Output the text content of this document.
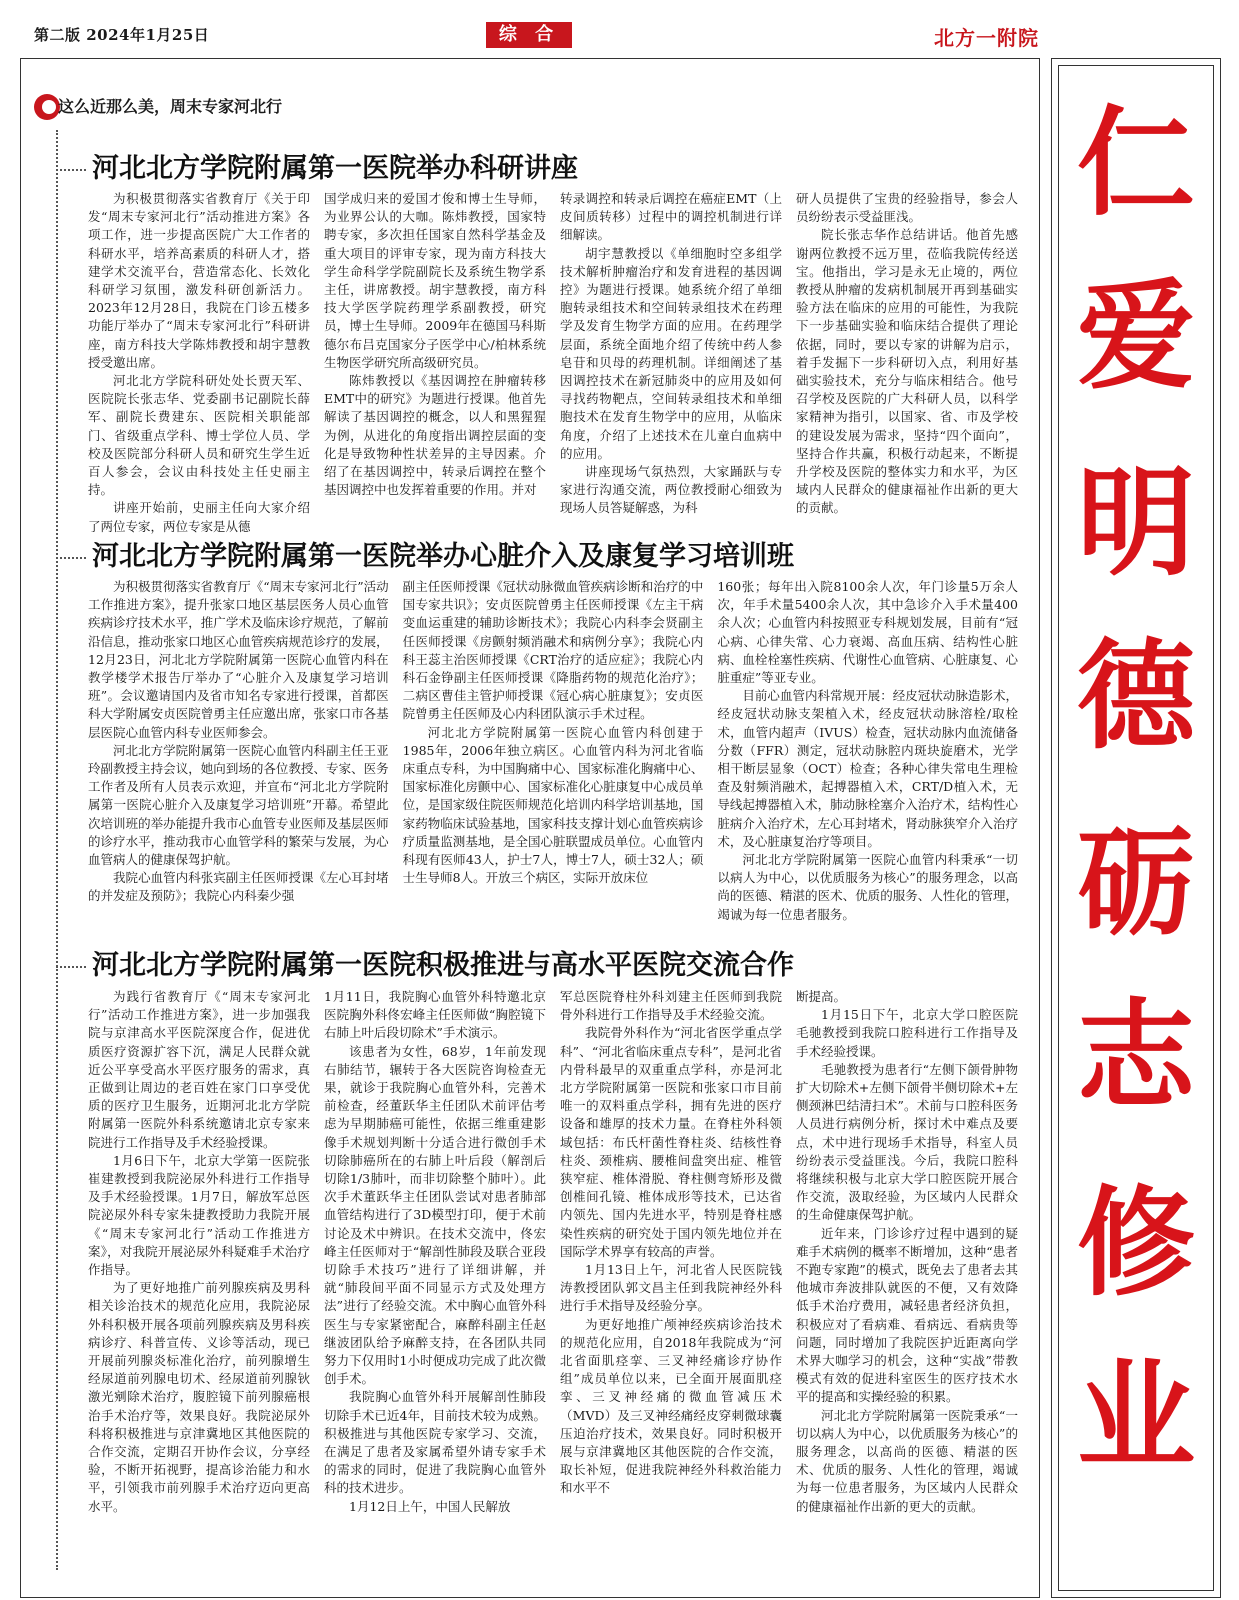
第二版 2024年1月25日	综 合	北方一附院
仁
爱
明
德
砺
志
修
业
这么近那么美，周末专家河北行
河北北方学院附属第一医院举办科研讲座

为积极贯彻落实省教育厅《关于印发“周末专家河北行”活动推进方案》各项工作，进一步提高医院广大工作者的科研水平，培养高素质的科研人才，搭建学术交流平台，营造常态化、长效化科研学习氛围，激发科研创新活力。2023年12月28日，我院在门诊五楼多功能厅举办了“周末专家河北行”科研讲座，南方科技大学陈炜教授和胡宇慧教授受邀出席。

河北北方学院科研处处长贾天军、医院院长张志华、党委副书记副院长薛军、副院长费建东、医院相关职能部门、省级重点学科、博士学位人员、学校及医院部分科研人员和研究生学生近百人参会，会议由科技处主任史丽主持。

讲座开始前，史丽主任向大家介绍了两位专家，两位专家是从德

国学成归来的爱国才俊和博士生导师，为业界公认的大咖。陈炜教授，国家特聘专家，多次担任国家自然科学基金及重大项目的评审专家，现为南方科技大学生命科学学院副院长及系统生物学系主任，讲席教授。胡宇慧教授，南方科技大学医学院药理学系副教授，研究员，博士生导师。2009年在德国马科斯德尔布吕克国家分子医学中心/柏林系统生物医学研究所高级研究员。

陈炜教授以《基因调控在肿瘤转移EMT中的研究》为题进行授课。他首先解读了基因调控的概念，以人和黑猩猩为例，从进化的角度指出调控层面的变化是导致物种性状差异的主导因素。介绍了在基因调控中，转录后调控在整个基因调控中也发挥着重要的作用。并对

转录调控和转录后调控在癌症EMT（上皮间质转移）过程中的调控机制进行详细解读。

胡宇慧教授以《单细胞时空多组学技术解析肿瘤治疗和发育进程的基因调控》为题进行授课。她系统介绍了单细胞转录组技术和空间转录组技术在药理学及发育生物学方面的应用。在药理学层面，系统全面地介绍了传统中药人参皂苷和贝母的药理机制。详细阐述了基因调控技术在新冠肺炎中的应用及如何寻找药物靶点，空间转录组技术和单细胞技术在发育生物学中的应用，从临床角度，介绍了上述技术在儿童白血病中的应用。

讲座现场气氛热烈，大家踊跃与专家进行沟通交流，两位教授耐心细致为现场人员答疑解惑，为科

研人员提供了宝贵的经验指导，参会人员纷纷表示受益匪浅。

院长张志华作总结讲话。他首先感谢两位教授不远万里，莅临我院传经送宝。他指出，学习是永无止境的，两位教授从肿瘤的发病机制展开再到基础实验方法在临床的应用的可能性，为我院下一步基础实验和临床结合提供了理论依据，同时，要以专家的讲解为启示，着手发掘下一步科研切入点，利用好基础实验技术，充分与临床相结合。他号召学校及医院的广大科研人员，以科学家精神为指引，以国家、省、市及学校的建设发展为需求，坚持“四个面向”，坚持合作共赢，积极行动起来，不断提升学校及医院的整体实力和水平，为区域内人民群众的健康福祉作出新的更大的贡献。

河北北方学院附属第一医院举办心脏介入及康复学习培训班

为积极贯彻落实省教育厅《“周末专家河北行”活动工作推进方案》，提升张家口地区基层医务人员心血管疾病诊疗技术水平，推广学术及临床诊疗规范，了解前沿信息，推动张家口地区心血管疾病规范诊疗的发展，12月23日，河北北方学院附属第一医院心血管内科在教学楼学术报告厅举办了“心脏介入及康复学习培训班”。会议邀请国内及省市知名专家进行授课，首都医科大学附属安贞医院曾勇主任应邀出席，张家口市各基层医院心血管内科专业医师参会。

河北北方学院附属第一医院心血管内科副主任王亚玲副教授主持会议，她向到场的各位教授、专家、医务工作者及所有人员表示欢迎，并宣布“河北北方学院附属第一医院心脏介入及康复学习培训班”开幕。希望此次培训班的举办能提升我市心血管专业医师及基层医师的诊疗水平，推动我市心血管学科的繁荣与发展，为心血管病人的健康保驾护航。

我院心血管内科张宾副主任医师授课《左心耳封堵的并发症及预防》；我院心内科秦少强

副主任医师授课《冠状动脉微血管疾病诊断和治疗的中国专家共识》；安贞医院曾勇主任医师授课《左主干病变血运重建的辅助诊断技术》；我院心内科李会贤副主任医师授课《房颤射频消融术和病例分享》；我院心内科王蕊主治医师授课《CRT治疗的适应症》；我院心内科石金铮副主任医师授课《降脂药物的规范化治疗》；二病区曹佳主管护师授课《冠心病心脏康复》；安贞医院曾勇主任医师及心内科团队演示手术过程。

河北北方学院附属第一医院心血管内科创建于1985年，2006年独立病区。心血管内科为河北省临床重点专科，为中国胸痛中心、国家标准化胸痛中心、国家标准化房颤中心、国家标准化心脏康复中心成员单位，是国家级住院医师规范化培训内科学培训基地，国家药物临床试验基地，国家科技支撑计划心血管疾病诊疗质量监测基地，是全国心脏联盟成员单位。心血管内科现有医师43人，护士7人，博士7人，硕士32人；硕士生导师8人。开放三个病区，实际开放床位

160张；每年出入院8100余人次，年门诊量5万余人次，年手术量5400余人次，其中急诊介入手术量400余人次；心血管内科按照亚专科规划发展，目前有“冠心病、心律失常、心力衰竭、高血压病、结构性心脏病、血栓栓塞性疾病、代谢性心血管病、心脏康复、心脏重症”等亚专业。

目前心血管内科常规开展：经皮冠状动脉造影术，经皮冠状动脉支架植入术，经皮冠状动脉溶栓/取栓术，血管内超声（IVUS）检查，冠状动脉内血流储备分数（FFR）测定，冠状动脉腔内斑块旋磨术，光学相干断层显象（OCT）检查；各种心律失常电生理检查及射频消融术，起搏器植入术，CRT/D植入术，无导线起搏器植入术，肺动脉栓塞介入治疗术，结构性心脏病介入治疗术，左心耳封堵术，肾动脉狭窄介入治疗术，及心脏康复治疗等项目。

河北北方学院附属第一医院心血管内科秉承“一切以病人为中心，以优质服务为核心”的服务理念，以高尚的医德、精湛的医术、优质的服务、人性化的管理，竭诚为每一位患者服务。

河北北方学院附属第一医院积极推进与高水平医院交流合作

为践行省教育厅《“周末专家河北行”活动工作推进方案》，进一步加强我院与京津高水平医院深度合作，促进优质医疗资源扩容下沉，满足人民群众就近公平享受高水平医疗服务的需求，真正做到让周边的老百姓在家门口享受优质的医疗卫生服务，近期河北北方学院附属第一医院外科系统邀请北京专家来院进行工作指导及手术经验授课。

1月6日下午，北京大学第一医院张崔建教授到我院泌尿外科进行工作指导及手术经验授课。1月7日，解放军总医院泌尿外科专家朱捷教授助力我院开展《“周末专家河北行”活动工作推进方案》，对我院开展泌尿外科疑难手术治疗作指导。

为了更好地推广前列腺疾病及男科相关诊治技术的规范化应用，我院泌尿外科积极开展各项前列腺疾病及男科疾病诊疗、科普宣传、义诊等活动，现已开展前列腺炎标准化治疗，前列腺增生经尿道前列腺电切术、经尿道前列腺钬激光剜除术治疗，腹腔镜下前列腺癌根治手术治疗等，效果良好。我院泌尿外科将积极推进与京津冀地区其他医院的合作交流，定期召开协作会议，分享经验，不断开拓视野，提高诊治能力和水平，引领我市前列腺手术治疗迈向更高水平。

1月11日，我院胸心血管外科特邀北京医院胸外科佟宏峰主任医师做“胸腔镜下右肺上叶后段切除术”手术演示。

该患者为女性，68岁，1年前发现右肺结节，辗转于各大医院咨询检查无果，就诊于我院胸心血管外科，完善术前检查，经董跃华主任团队术前评估考虑为早期肺癌可能性，依据三维重建影像手术规划判断十分适合进行微创手术切除肺癌所在的右肺上叶后段（解剖后切除1/3肺叶，而非切除整个肺叶）。此次手术董跃华主任团队尝试对患者肺部血管结构进行了3D模型打印，便于术前讨论及术中辨识。在技术交流中，佟宏峰主任医师对于“解剖性肺段及联合亚段切除手术技巧”进行了详细讲解，并就“肺段间平面不同显示方式及处理方法”进行了经验交流。术中胸心血管外科医生与专家紧密配合，麻醉科副主任赵继波团队给予麻醉支持，在各团队共同努力下仅用时1小时便成功完成了此次微创手术。

我院胸心血管外科开展解剖性肺段切除手术已近4年，目前技术较为成熟。积极推进与其他医院专家学习、交流，在满足了患者及家属希望外请专家手术的需求的同时，促进了我院胸心血管外科的技术进步。

1月12日上午，中国人民解放

军总医院脊柱外科刘建主任医师到我院骨外科进行工作指导及手术经验交流。

我院骨外科作为“河北省医学重点学科”、“河北省临床重点专科”，是河北省内骨科最早的双重重点学科，亦是河北北方学院附属第一医院和张家口市目前唯一的双料重点学科，拥有先进的医疗设备和雄厚的技术力量。在脊柱外科领域包括：布氏杆菌性脊柱炎、结核性脊柱炎、颈椎病、腰椎间盘突出症、椎管狭窄症、椎体滑脱、脊柱侧弯矫形及微创椎间孔镜、椎体成形等技术，已达省内领先、国内先进水平，特别是脊柱感染性疾病的研究处于国内领先地位并在国际学术界享有较高的声誉。

1月13日上午，河北省人民医院钱涛教授团队郭文昌主任到我院神经外科进行手术指导及经验分享。

为更好地推广颅神经疾病诊治技术的规范化应用，自2018年我院成为“河北省面肌痉挛、三叉神经痛诊疗协作组”成员单位以来，已全面开展面肌痉挛、三叉神经痛的微血管减压术（MVD）及三叉神经痛经皮穿刺微球囊压迫治疗技术，效果良好。同时积极开展与京津冀地区其他医院的合作交流，取长补短，促进我院神经外科救治能力和水平不

断提高。

1月15日下午，北京大学口腔医院毛驰教授到我院口腔科进行工作指导及手术经验授课。

毛驰教授为患者行“左侧下颌骨肿物扩大切除术+左侧下颌骨半侧切除术+左侧颈淋巴结清扫术”。术前与口腔科医务人员进行病例分析，探讨术中难点及要点，术中进行现场手术指导，科室人员纷纷表示受益匪浅。今后，我院口腔科将继续积极与北京大学口腔医院开展合作交流，汲取经验，为区域内人民群众的生命健康保驾护航。

近年来，门诊诊疗过程中遇到的疑难手术病例的概率不断增加，这种“患者不跑专家跑”的模式，既免去了患者去其他城市奔波排队就医的不便，又有效降低手术治疗费用，减轻患者经济负担，积极应对了看病难、看病远、看病贵等问题，同时增加了我院医护近距离向学术界大咖学习的机会，这种“实战”带教模式有效的促进科室医生的医疗技术水平的提高和实操经验的积累。

河北北方学院附属第一医院秉承“一切以病人为中心，以优质服务为核心”的服务理念，以高尚的医德、精湛的医术、优质的服务、人性化的管理，竭诚为每一位患者服务，为区域内人民群众的健康福祉作出新的更大的贡献。
